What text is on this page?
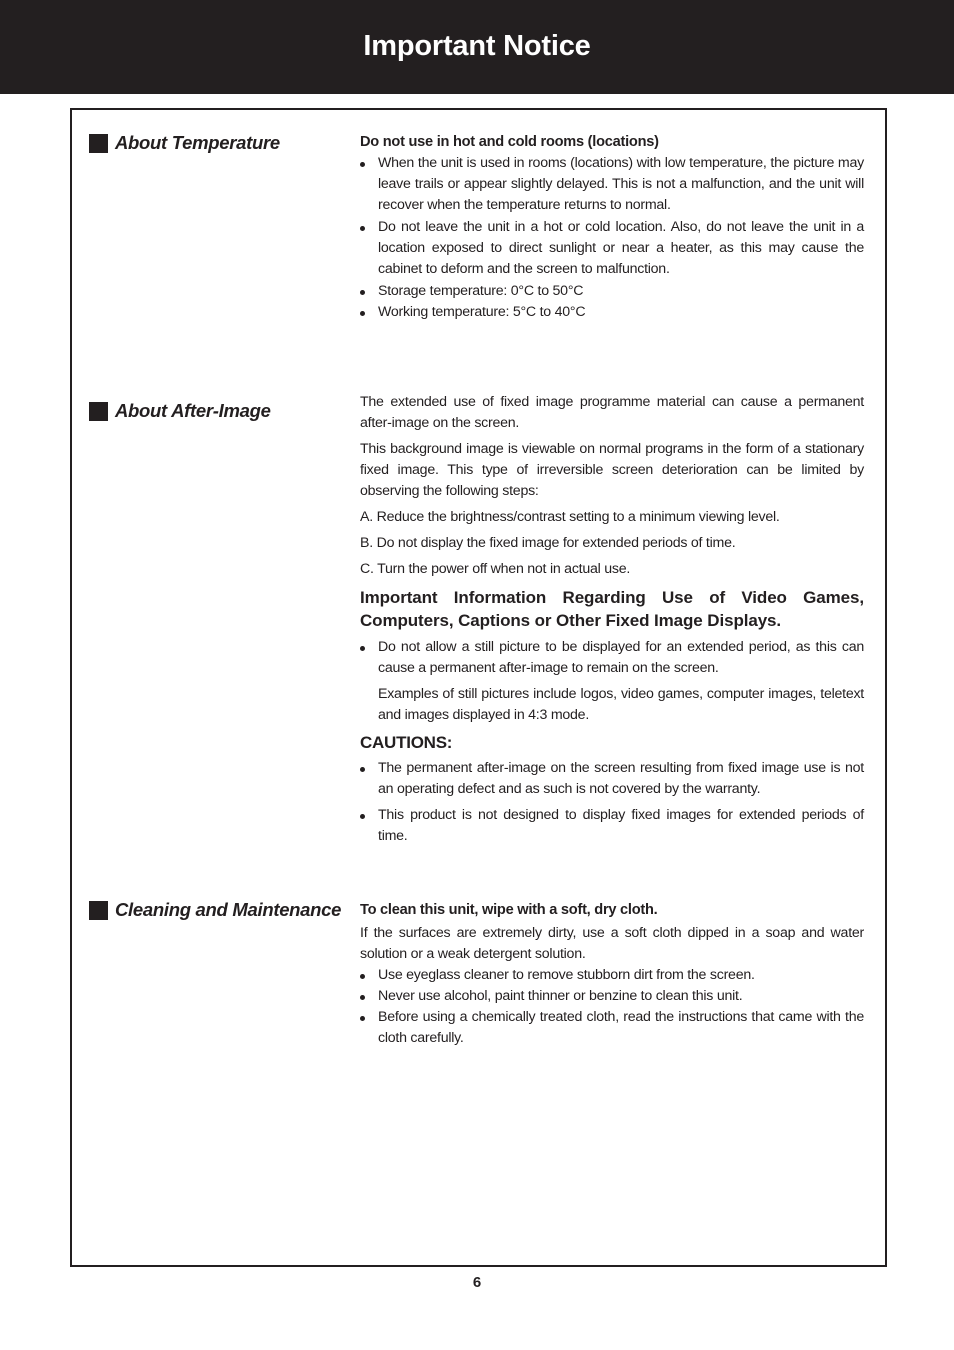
Important Notice
About Temperature	Do not use in hot and cold rooms (locations)

When the unit is used in rooms (locations) with low temperature, the picture may leave trails or appear slightly delayed. This is not a malfunction, and the unit will recover when the temperature returns to normal.
Do not leave the unit in a hot or cold location. Also, do not leave the unit in a location exposed to direct sunlight or near a heater, as this may cause the cabinet to deform and the screen to malfunction.
Storage temperature: 0°C to 50°C
Working temperature: 5°C to 40°C
About After-Image	The extended use of fixed image programme material can cause a permanent after-image on the screen.

This background image is viewable on normal programs in the form of a stationary fixed image. This type of irreversible screen deterioration can be limited by observing the following steps:

A. Reduce the brightness/contrast setting to a minimum viewing level.

B. Do not display the fixed image for extended periods of time.

C. Turn the power off when not in actual use.

Important Information Regarding Use of Video Games, Computers, Captions or Other Fixed Image Displays.

Do not allow a still picture to be displayed for an extended period, as this can cause a permanent after-image to remain on the screen.

Examples of still pictures include logos, video games, computer images, teletext and images displayed in 4:3 mode.

CAUTIONS:

The permanent after-image on the screen resulting from fixed image use is not an operating defect and as such is not covered by the warranty.
This product is not designed to display fixed images for extended periods of time.
Cleaning and Maintenance To clean this unit, wipe with a soft, dry cloth.

If the surfaces are extremely dirty, use a soft cloth dipped in a soap and water solution or a weak detergent solution.

Use eyeglass cleaner to remove stubborn dirt from the screen.
Never use alcohol, paint thinner or benzine to clean this unit.
Before using a chemically treated cloth, read the instructions that came with the cloth carefully.
6
